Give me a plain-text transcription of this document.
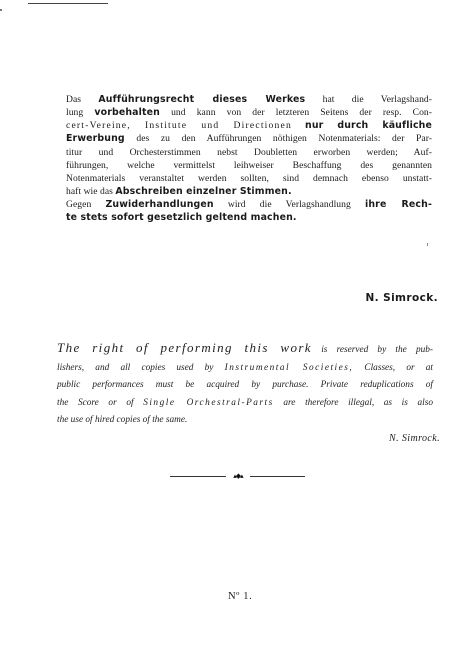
Das Aufführungsrecht dieses Werkes hat die Verlagshand-
lung vorbehalten und kann von der letzteren Seitens der resp. Con-
cert-Vereine, Institute und Directionen nur durch käufliche
Erwerbung des zu den Aufführungen nöthigen Notenmaterials: der Par-
titur und Orchesterstimmen nebst Doubletten erworben werden; Auf-
führungen, welche vermittelst leihweiser Beschaffung des genannten
Notenmaterials veranstaltet werden sollten, sind demnach ebenso unstatt-
haft wie das Abschreiben einzelner Stimmen.
Gegen Zuwiderhandlungen wird die Verlagshandlung ihre Rech-
te stets sofort gesetzlich geltend machen.
N. Simrock.
The right of performing this work is reserved by the pub-
lishers, and all copies used by Instrumental Societies, Classes, or at
public performances must be acquired by purchase. Private reduplications of
the Score or of Single Orchestral-Parts are therefore illegal, as is also
the use of hired copies of the same.
N. Simrock.
▴◆▴
Nº 1.
